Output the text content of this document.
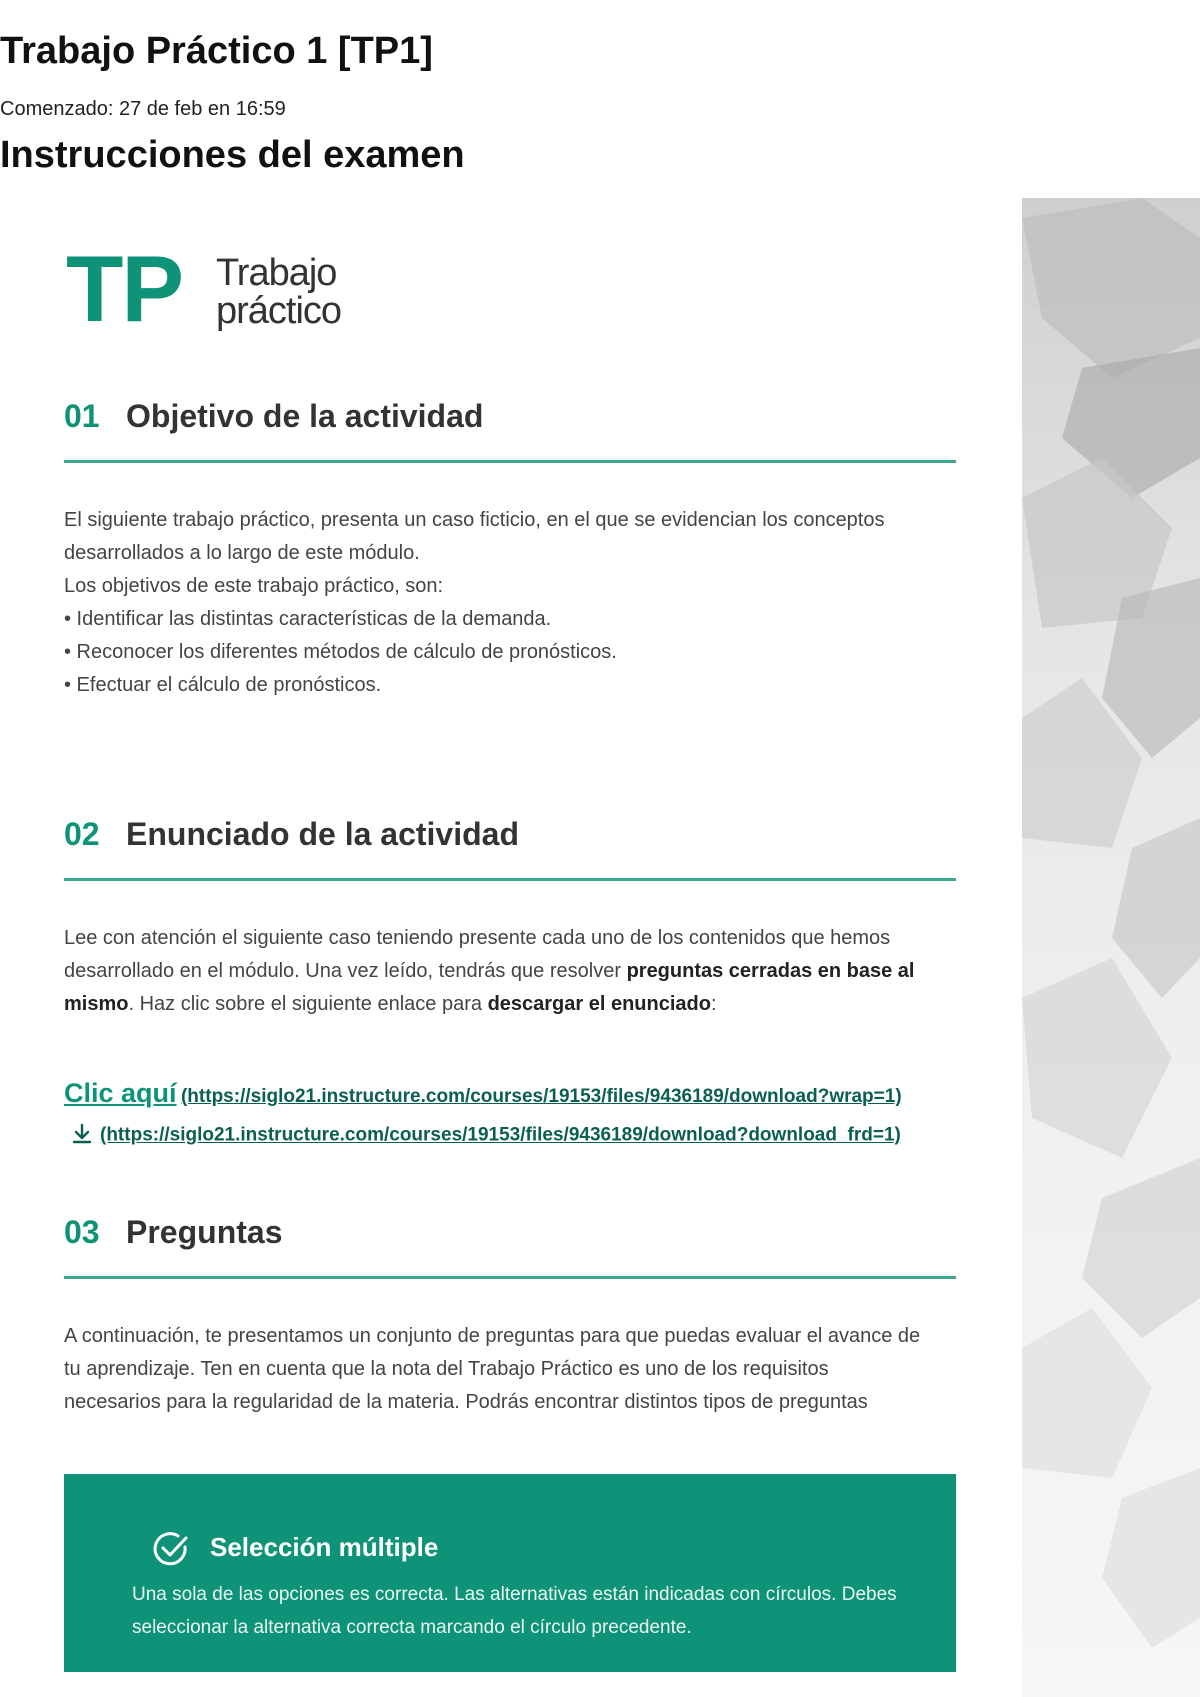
Trabajo Práctico 1 [TP1]
Comenzado: 27 de feb en 16:59
Instrucciones del examen
TP Trabajo
práctico
01 Objetivo de la actividad

El siguiente trabajo práctico, presenta un caso ficticio, en el que se evidencian los conceptos desarrollados a lo largo de este módulo.

Los objetivos de este trabajo práctico, son:

• Identificar las distintas características de la demanda.

• Reconocer los diferentes métodos de cálculo de pronósticos.

• Efectuar el cálculo de pronósticos.

02 Enunciado de la actividad

Lee con atención el siguiente caso teniendo presente cada uno de los contenidos que hemos desarrollado en el módulo. Una vez leído, tendrás que resolver preguntas cerradas en base al mismo. Haz clic sobre el siguiente enlace para descargar el enunciado:

Clic aquí (https://siglo21.instructure.com/courses/19153/files/9436189/download?wrap=1)
(https://siglo21.instructure.com/courses/19153/files/9436189/download?download_frd=1)
03 Preguntas

A continuación, te presentamos un conjunto de preguntas para que puedas evaluar el avance de tu aprendizaje. Ten en cuenta que la nota del Trabajo Práctico es uno de los requisitos necesarios para la regularidad de la materia. Podrás encontrar distintos tipos de preguntas

Selección múltiple
Una sola de las opciones es correcta. Las alternativas están indicadas con círculos. Debes seleccionar la alternativa correcta marcando el círculo precedente.
